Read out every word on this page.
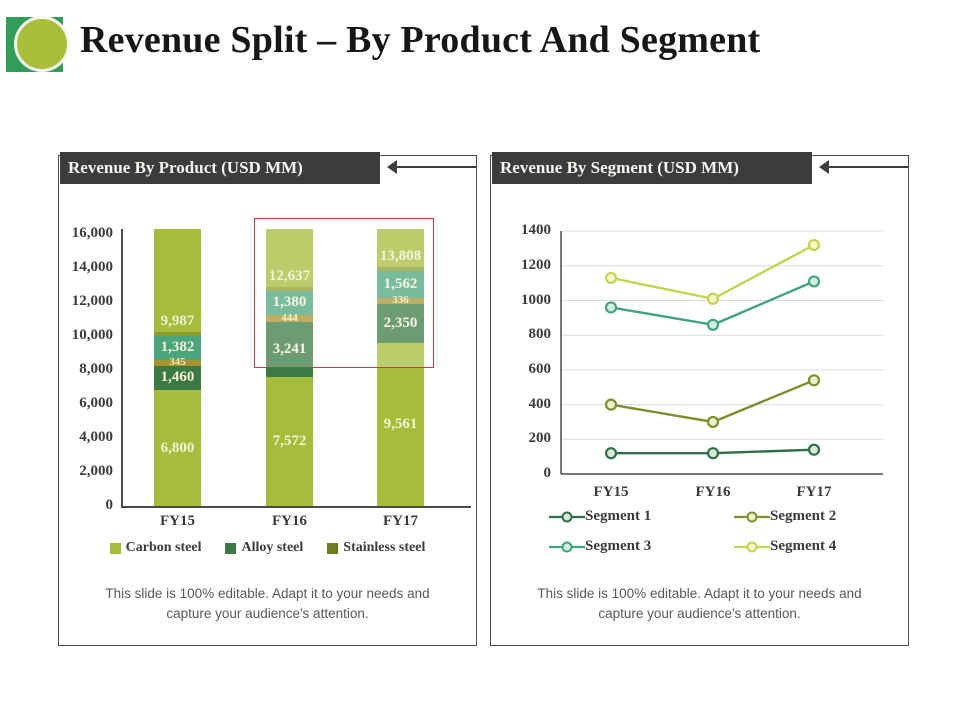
Revenue Split – By Product And Segment
Revenue By Product (USD MM)	Revenue By Segment (USD MM)
0
2,000
4,000
6,000
8,000
10,000
12,000
14,000
16,000
6,800
1,460
345
1,382
9,987
FY15
7,572
3,241
444
1,380
12,637
FY16
9,561
2,350
336
1,562
13,808
FY17
Carbon steel	Alloy steel	Stainless steel
This slide is 100% editable. Adapt it to your needs and
capture your audience's attention.
0
200
400
600
800
1000
1200
1400
FY15	FY16	FY17
Segment 1	Segment 2
Segment 3	Segment 4
This slide is 100% editable. Adapt it to your needs and
capture your audience's attention.
